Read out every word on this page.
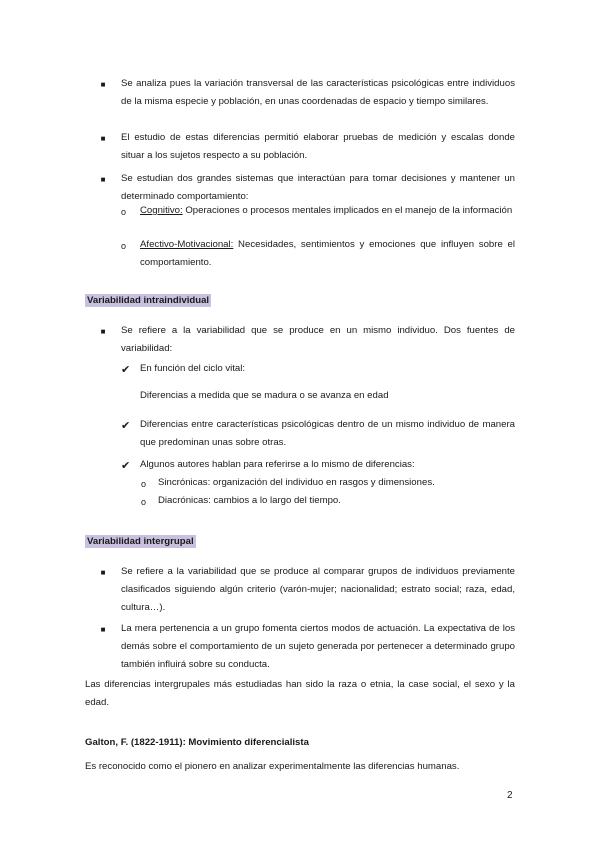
■ Se analiza pues la variación transversal de las características psicológicas entre individuos de la misma especie y población, en unas coordenadas de espacio y tiempo similares.
■ El estudio de estas diferencias permitió elaborar pruebas de medición y escalas donde situar a los sujetos respecto a su población.
■ Se estudian dos grandes sistemas que interactúan para tomar decisiones y mantener un determinado comportamiento:
o Cognitivo: Operaciones o procesos mentales implicados en el manejo de la información
o Afectivo-Motivacional: Necesidades, sentimientos y emociones que influyen sobre el comportamiento.
Variabilidad intraindividual
■ Se refiere a la variabilidad que se produce en un mismo individuo. Dos fuentes de variabilidad:
✔ En función del ciclo vital:
Diferencias a medida que se madura o se avanza en edad
✔ Diferencias entre características psicológicas dentro de un mismo individuo de manera que predominan unas sobre otras.
✔ Algunos autores hablan para referirse a lo mismo de diferencias:
o Sincrónicas: organización del individuo en rasgos y dimensiones.
o Diacrónicas: cambios a lo largo del tiempo.
Variabilidad intergrupal
■ Se refiere a la variabilidad que se produce al comparar grupos de individuos previamente clasificados siguiendo algún criterio (varón-mujer; nacionalidad; estrato social; raza, edad, cultura…).
■ La mera pertenencia a un grupo fomenta ciertos modos de actuación. La expectativa de los demás sobre el comportamiento de un sujeto generada por pertenecer a determinado grupo también influirá sobre su conducta.
Las diferencias intergrupales más estudiadas han sido la raza o etnia, la case social, el sexo y la edad.
Galton, F. (1822-1911): Movimiento diferencialista
Es reconocido como el pionero en analizar experimentalmente las diferencias humanas.
2
